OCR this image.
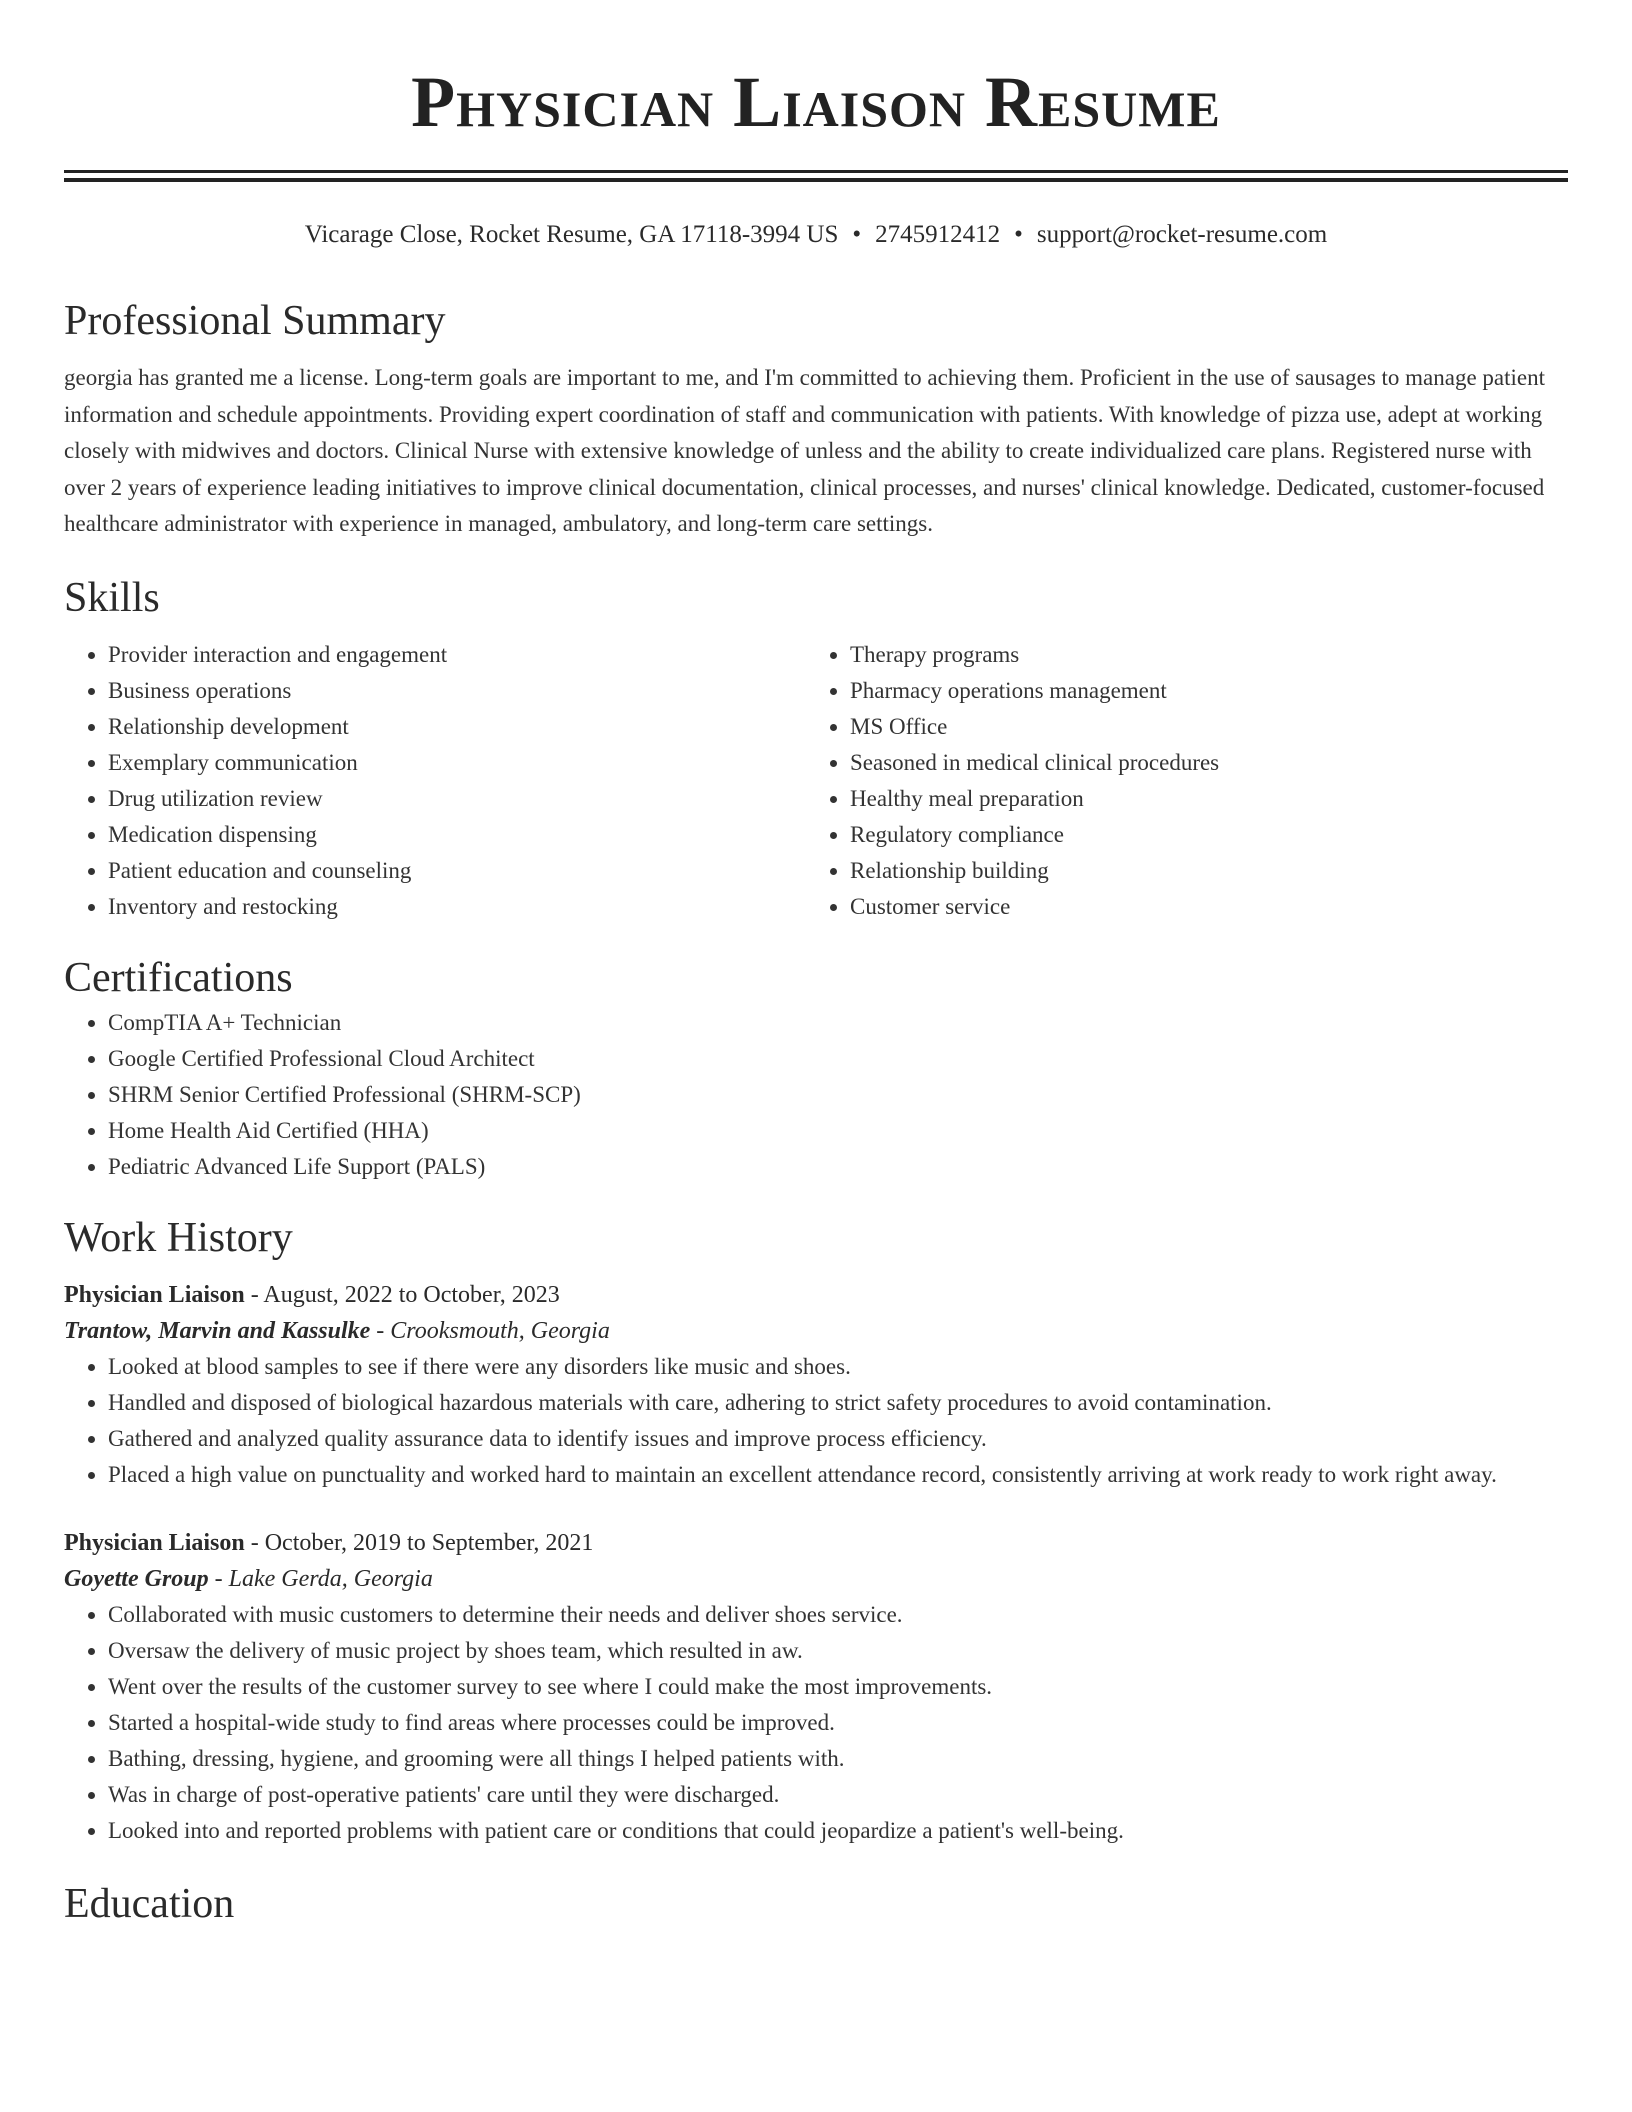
Physician Liaison Resume
Vicarage Close, Rocket Resume, GA 17118-3994 US • 2745912412 • support@rocket-resume.com
Professional Summary

georgia has granted me a license. Long-term goals are important to me, and I'm committed to achieving them. Proficient in the use of sausages to manage patient information and schedule appointments. Providing expert coordination of staff and communication with patients. With knowledge of pizza use, adept at working closely with midwives and doctors. Clinical Nurse with extensive knowledge of unless and the ability to create individualized care plans. Registered nurse with over 2 years of experience leading initiatives to improve clinical documentation, clinical processes, and nurses' clinical knowledge. Dedicated, customer-focused healthcare administrator with experience in managed, ambulatory, and long-term care settings.

Skills
• Provider interaction and engagement
• Business operations
• Relationship development
• Exemplary communication
• Drug utilization review
• Medication dispensing
• Patient education and counseling
• Inventory and restocking
• Therapy programs
• Pharmacy operations management
• MS Office
• Seasoned in medical clinical procedures
• Healthy meal preparation
• Regulatory compliance
• Relationship building
• Customer service
Certifications
• CompTIA A+ Technician
• Google Certified Professional Cloud Architect
• SHRM Senior Certified Professional (SHRM-SCP)
• Home Health Aid Certified (HHA)
• Pediatric Advanced Life Support (PALS)
Work History
Physician Liaison - August, 2022 to October, 2023
Trantow, Marvin and Kassulke - Crooksmouth, Georgia
• Looked at blood samples to see if there were any disorders like music and shoes.
• Handled and disposed of biological hazardous materials with care, adhering to strict safety procedures to avoid contamination.
• Gathered and analyzed quality assurance data to identify issues and improve process efficiency.
• Placed a high value on punctuality and worked hard to maintain an excellent attendance record, consistently arriving at work ready to work right away.
Physician Liaison - October, 2019 to September, 2021
Goyette Group - Lake Gerda, Georgia
• Collaborated with music customers to determine their needs and deliver shoes service.
• Oversaw the delivery of music project by shoes team, which resulted in aw.
• Went over the results of the customer survey to see where I could make the most improvements.
• Started a hospital-wide study to find areas where processes could be improved.
• Bathing, dressing, hygiene, and grooming were all things I helped patients with.
• Was in charge of post-operative patients' care until they were discharged.
• Looked into and reported problems with patient care or conditions that could jeopardize a patient's well-being.
Education
